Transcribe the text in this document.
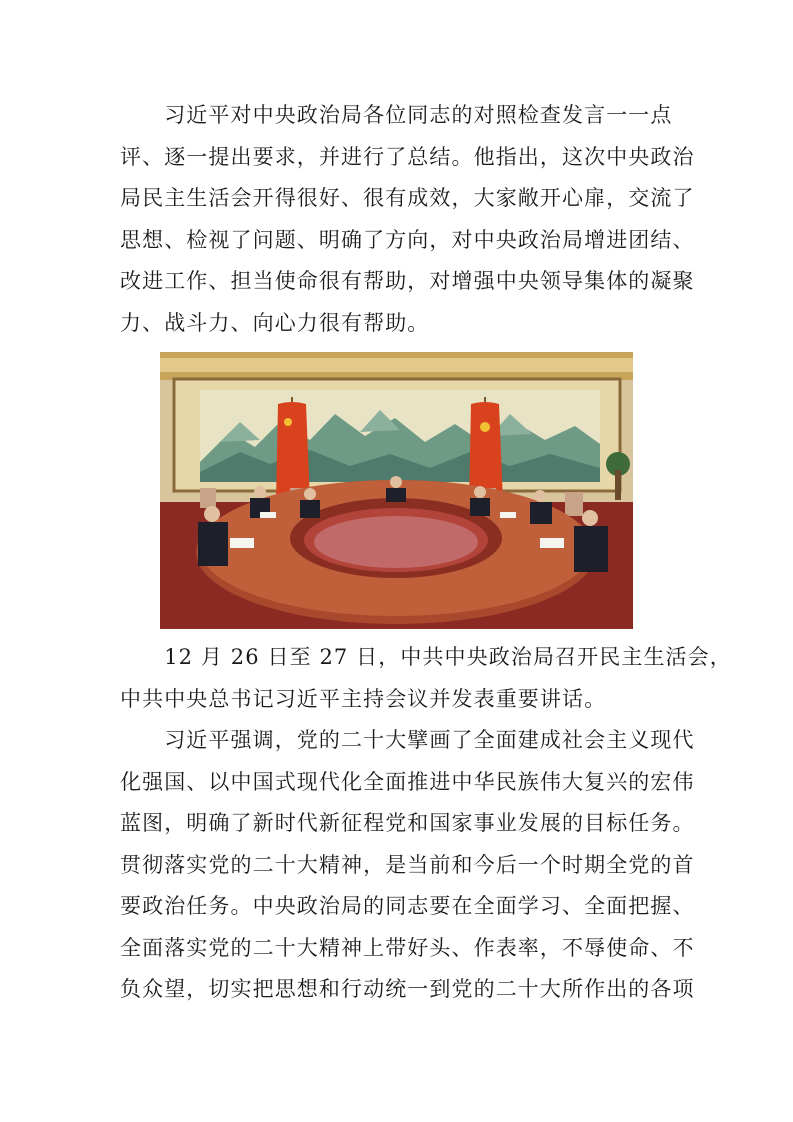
　　习近平对中央政治局各位同志的对照检查发言一一点
评、逐一提出要求，并进行了总结。他指出，这次中央政治
局民主生活会开得很好、很有成效，大家敞开心扉，交流了
思想、检视了问题、明确了方向，对中央政治局增进团结、
改进工作、担当使命很有帮助，对增强中央领导集体的凝聚
力、战斗力、向心力很有帮助。
　　12 月 26 日至 27 日，中共中央政治局召开民主生活会，
中共中央总书记习近平主持会议并发表重要讲话。
　　习近平强调，党的二十大擘画了全面建成社会主义现代
化强国、以中国式现代化全面推进中华民族伟大复兴的宏伟
蓝图，明确了新时代新征程党和国家事业发展的目标任务。
贯彻落实党的二十大精神，是当前和今后一个时期全党的首
要政治任务。中央政治局的同志要在全面学习、全面把握、
全面落实党的二十大精神上带好头、作表率，不辱使命、不
负众望，切实把思想和行动统一到党的二十大所作出的各项
